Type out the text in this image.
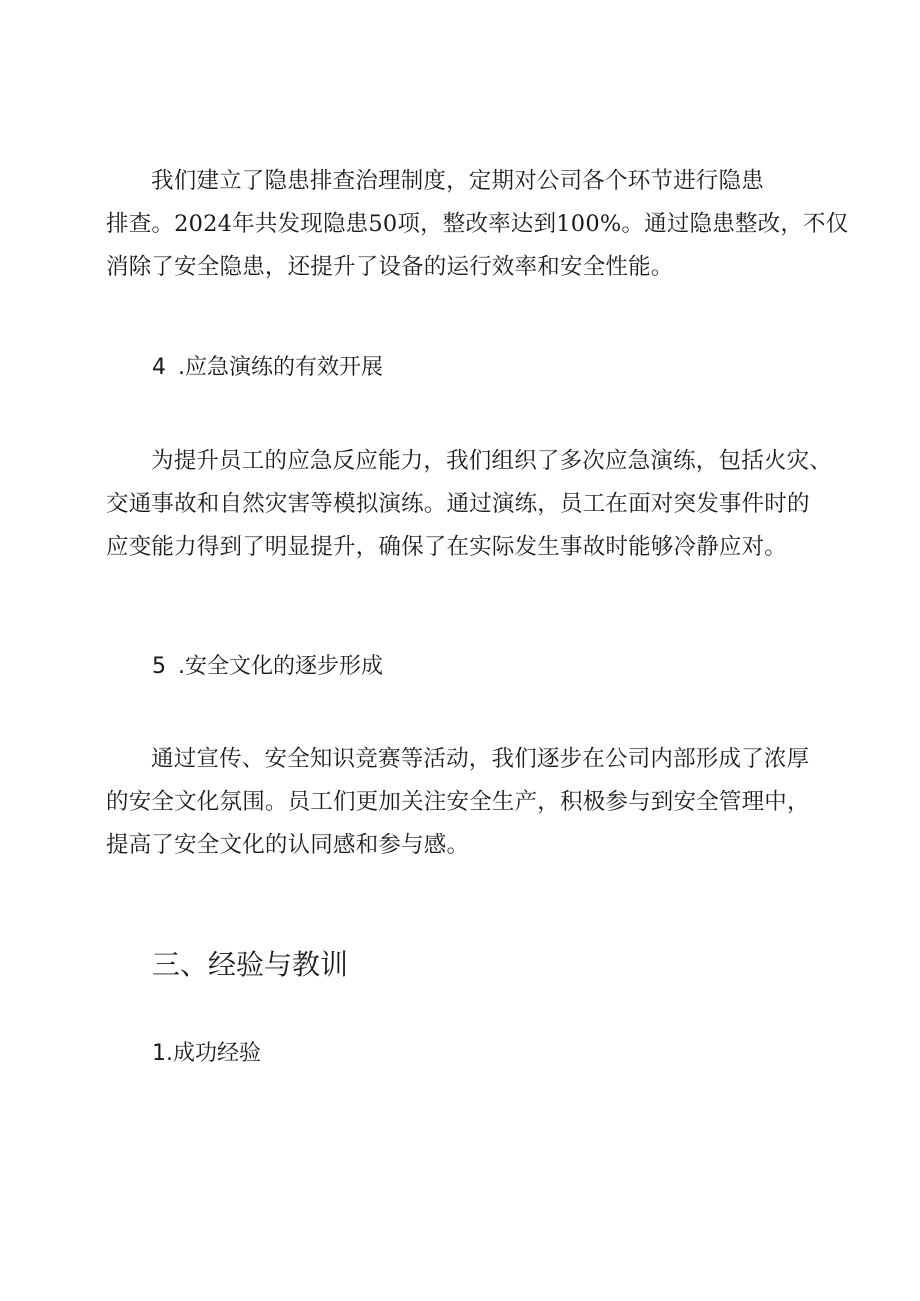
我们建立了隐患排查治理制度，定期对公司各个环节进行隐患
排查。2024年共发现隐患50项，整改率达到100%。通过隐患整改，不仅
消除了安全隐患，还提升了设备的运行效率和安全性能。
4 .应急演练的有效开展
为提升员工的应急反应能力，我们组织了多次应急演练，包括火灾、
交通事故和自然灾害等模拟演练。通过演练，员工在面对突发事件时的
应变能力得到了明显提升，确保了在实际发生事故时能够冷静应对。
5 .安全文化的逐步形成
通过宣传、安全知识竞赛等活动，我们逐步在公司内部形成了浓厚
的安全文化氛围。员工们更加关注安全生产，积极参与到安全管理中，
提高了安全文化的认同感和参与感。
三、经验与教训
1.成功经验
